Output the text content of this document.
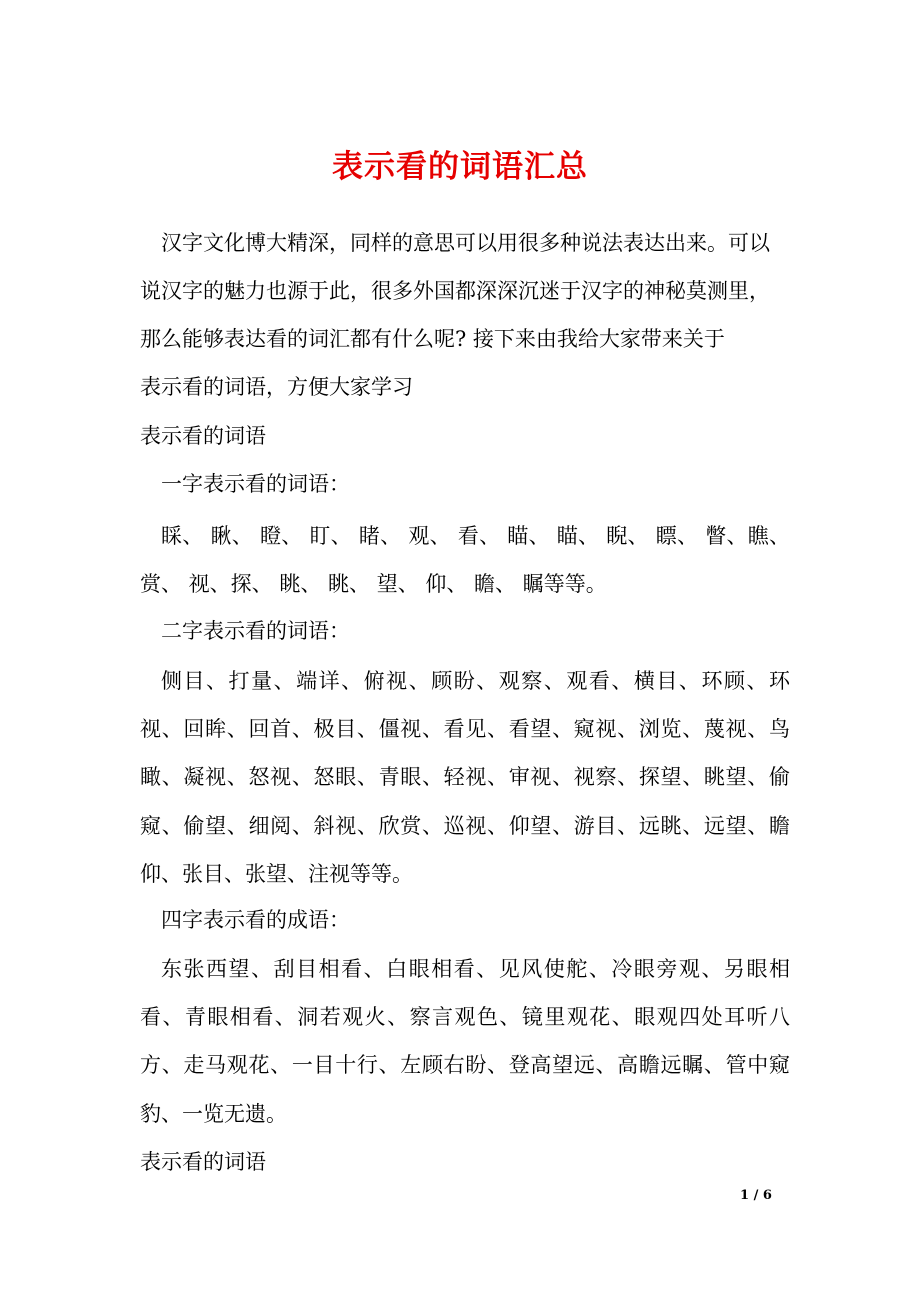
表示看的词语汇总
汉字文化博大精深，同样的意思可以用很多种说法表达出来。可以
说汉字的魅力也源于此，很多外国都深深沉迷于汉字的神秘莫测里，
那么能够表达看的词汇都有什么呢? 接下来由我给大家带来关于
表示看的词语，方便大家学习
表示看的词语
一字表示看的词语：
睬、 瞅、 瞪、 盯、 睹、 观、 看、 瞄、 瞄、 睨、 瞟、 瞥、瞧、 赏、 视、探、 眺、 眺、 望、 仰、 瞻、 瞩等等。
二字表示看的词语：
侧目、打量、端详、俯视、顾盼、观察、观看、横目、环顾、环视、回眸、回首、极目、僵视、看见、看望、窥视、浏览、蔑视、鸟瞰、凝视、怒视、怒眼、青眼、轻视、审视、视察、探望、眺望、偷窥、偷望、细阅、斜视、欣赏、巡视、仰望、游目、远眺、远望、瞻仰、张目、张望、注视等等。
四字表示看的成语：
东张西望、刮目相看、白眼相看、见风使舵、冷眼旁观、另眼相看、青眼相看、洞若观火、察言观色、镜里观花、眼观四处耳听八方、走马观花、一目十行、左顾右盼、登高望远、高瞻远瞩、管中窥豹、一览无遗。
表示看的词语
1 / 6
